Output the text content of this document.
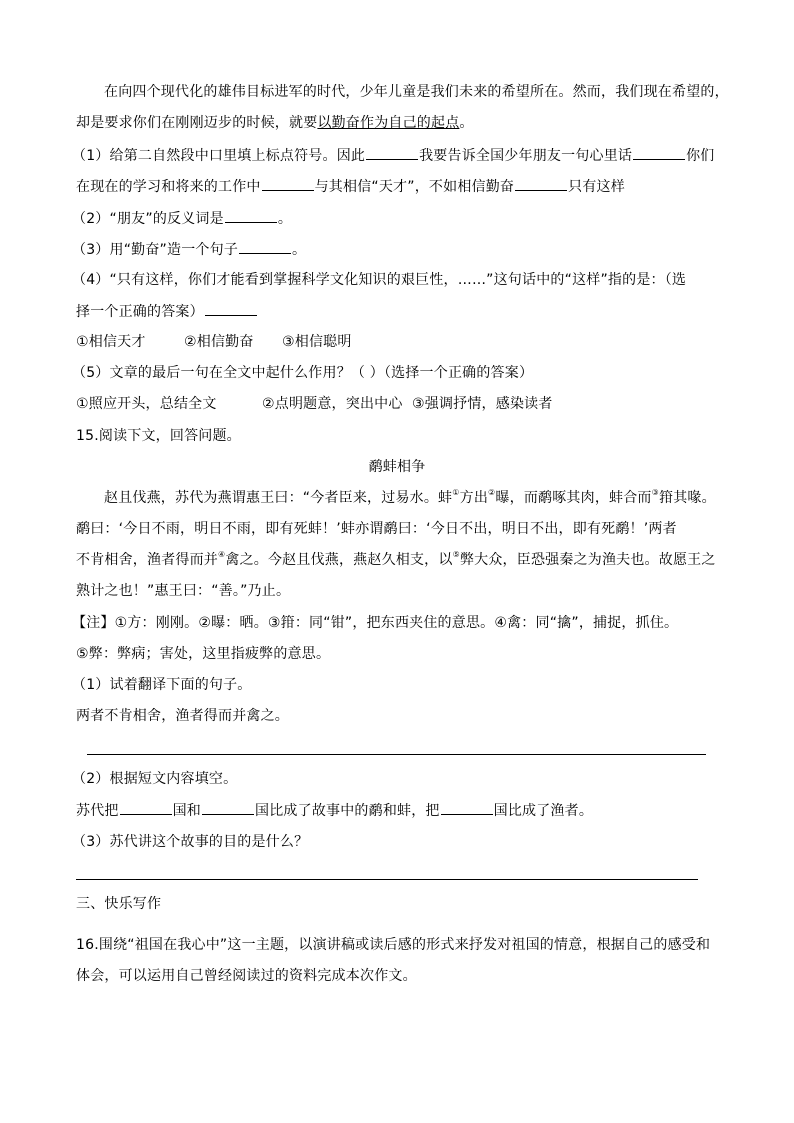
在向四个现代化的雄伟目标进军的时代，少年儿童是我们未来的希望所在。然而，我们现在希望的，
却是要求你们在刚刚迈步的时候，就要以勤奋作为自己的起点。
（1）给第二自然段中口里填上标点符号。因此	我要告诉全国少年朋友一句心里话	你们
在现在的学习和将来的工作中	与其相信“天才”，不如相信勤奋	只有这样
（2）“朋友”的反义词是	。
（3）用“勤奋”造一个句子	。
（4）“只有这样，你们才能看到掌握科学文化知识的艰巨性，……”这句话中的“这样”指的是：（选
择一个正确的答案）
①相信天才	②相信勤奋 ③相信聪明
（5）文章的最后一句在全文中起什么作用？（ ）（选择一个正确的答案）
①照应开头，总结全文	②点明题意，突出中心 ③强调抒情，感染读者
15.阅读下文，回答问题。
鹬蚌相争
赵且伐燕，苏代为燕谓惠王曰：“今者臣来，过易水。蚌①方出②曝，而鹬啄其肉，蚌合而③箝其喙。
鹬曰：‘今日不雨，明日不雨，即有死蚌！’蚌亦谓鹬曰：‘今日不出，明日不出，即有死鹬！’两者
不肯相舍，渔者得而并④禽之。今赵且伐燕，燕赵久相支，以⑤弊大众，臣恐强秦之为渔夫也。故愿王之
熟计之也！”惠王曰：“善。”乃止。
【注】①方：刚刚。②曝：晒。③箝：同“钳”，把东西夹住的意思。④禽：同“擒”，捕捉，抓住。
⑤弊：弊病；害处，这里指疲弊的意思。
（1）试着翻译下面的句子。
两者不肯相舍，渔者得而并禽之。
（2）根据短文内容填空。
苏代把	国和	国比成了故事中的鹬和蚌，把	国比成了渔者。
（3）苏代讲这个故事的目的是什么？
三、快乐写作
16.围绕“祖国在我心中”这一主题，以演讲稿或读后感的形式来抒发对祖国的情意，根据自己的感受和
体会，可以运用自己曾经阅读过的资料完成本次作文。
